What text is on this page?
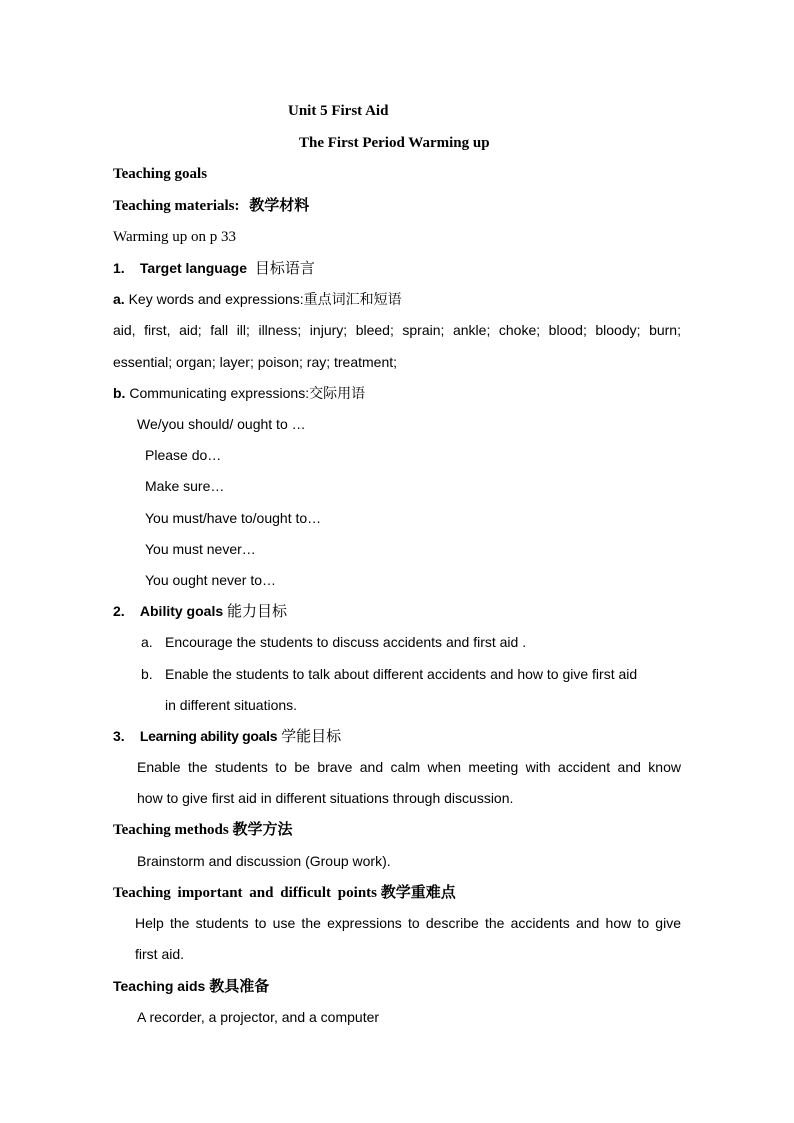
Unit 5 First Aid
The First Period Warming up
Teaching goals
Teaching materials: 教学材料
Warming up on p 33
1. Target language 目标语言
a. Key words and expressions:重点词汇和短语
aid, first, aid; fall ill; illness; injury; bleed; sprain; ankle; choke; blood; bloody; burn;
essential; organ; layer; poison; ray; treatment;
b. Communicating expressions:交际用语
We/you should/ ought to …
Please do…
Make sure…
You must/have to/ought to…
You must never…
You ought never to…
2. Ability goals 能力目标
a. Encourage the students to discuss accidents and first aid .
b. Enable the students to talk about different accidents and how to give first aid
in different situations.
3. Learning ability goals 学能目标
Enable the students to be brave and calm when meeting with accident and know
how to give first aid in different situations through discussion.
Teaching methods 教学方法
Brainstorm and discussion (Group work).
Teaching important and difficult points 教学重难点
Help the students to use the expressions to describe the accidents and how to give
first aid.
Teaching aids 教具准备
A recorder, a projector, and a computer
